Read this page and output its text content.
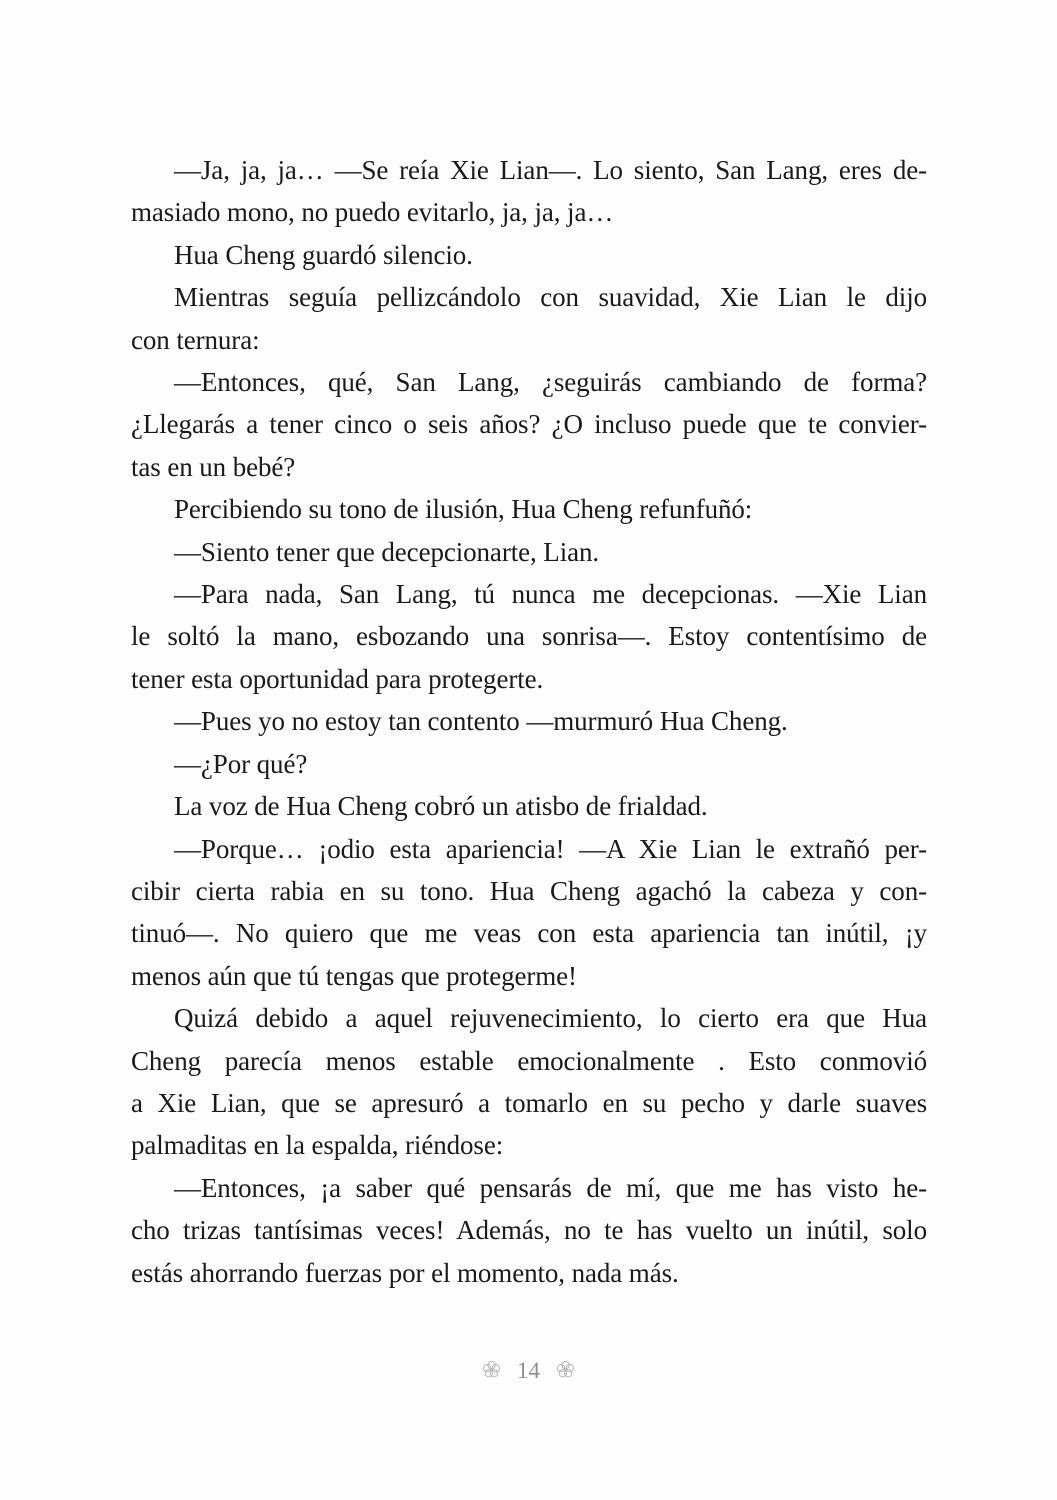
—Ja, ja, ja… —Se reía Xie Lian—. Lo siento, San Lang, eres de-
masiado mono, no puedo evitarlo, ja, ja, ja…
Hua Cheng guardó silencio.
Mientras seguía pellizcándolo con suavidad, Xie Lian le dijo
con ternura:
—Entonces, qué, San Lang, ¿seguirás cambiando de forma?
¿Llegarás a tener cinco o seis años? ¿O incluso puede que te convier-
tas en un bebé?
Percibiendo su tono de ilusión, Hua Cheng refunfuñó:
—Siento tener que decepcionarte, Lian.
—Para nada, San Lang, tú nunca me decepcionas. —Xie Lian
le soltó la mano, esbozando una sonrisa—. Estoy contentísimo de
tener esta oportunidad para protegerte.
—Pues yo no estoy tan contento —murmuró Hua Cheng.
—¿Por qué?
La voz de Hua Cheng cobró un atisbo de frialdad.
—Porque… ¡odio esta apariencia! —A Xie Lian le extrañó per-
cibir cierta rabia en su tono. Hua Cheng agachó la cabeza y con-
tinuó—. No quiero que me veas con esta apariencia tan inútil, ¡y
menos aún que tú tengas que protegerme!
Quizá debido a aquel rejuvenecimiento, lo cierto era que Hua
Cheng parecía menos estable emocionalmente . Esto conmovió
a Xie Lian, que se apresuró a tomarlo en su pecho y darle suaves
palmaditas en la espalda, riéndose:
—Entonces, ¡a saber qué pensarás de mí, que me has visto he-
cho trizas tantísimas veces! Además, no te has vuelto un inútil, solo
estás ahorrando fuerzas por el momento, nada más.
14
